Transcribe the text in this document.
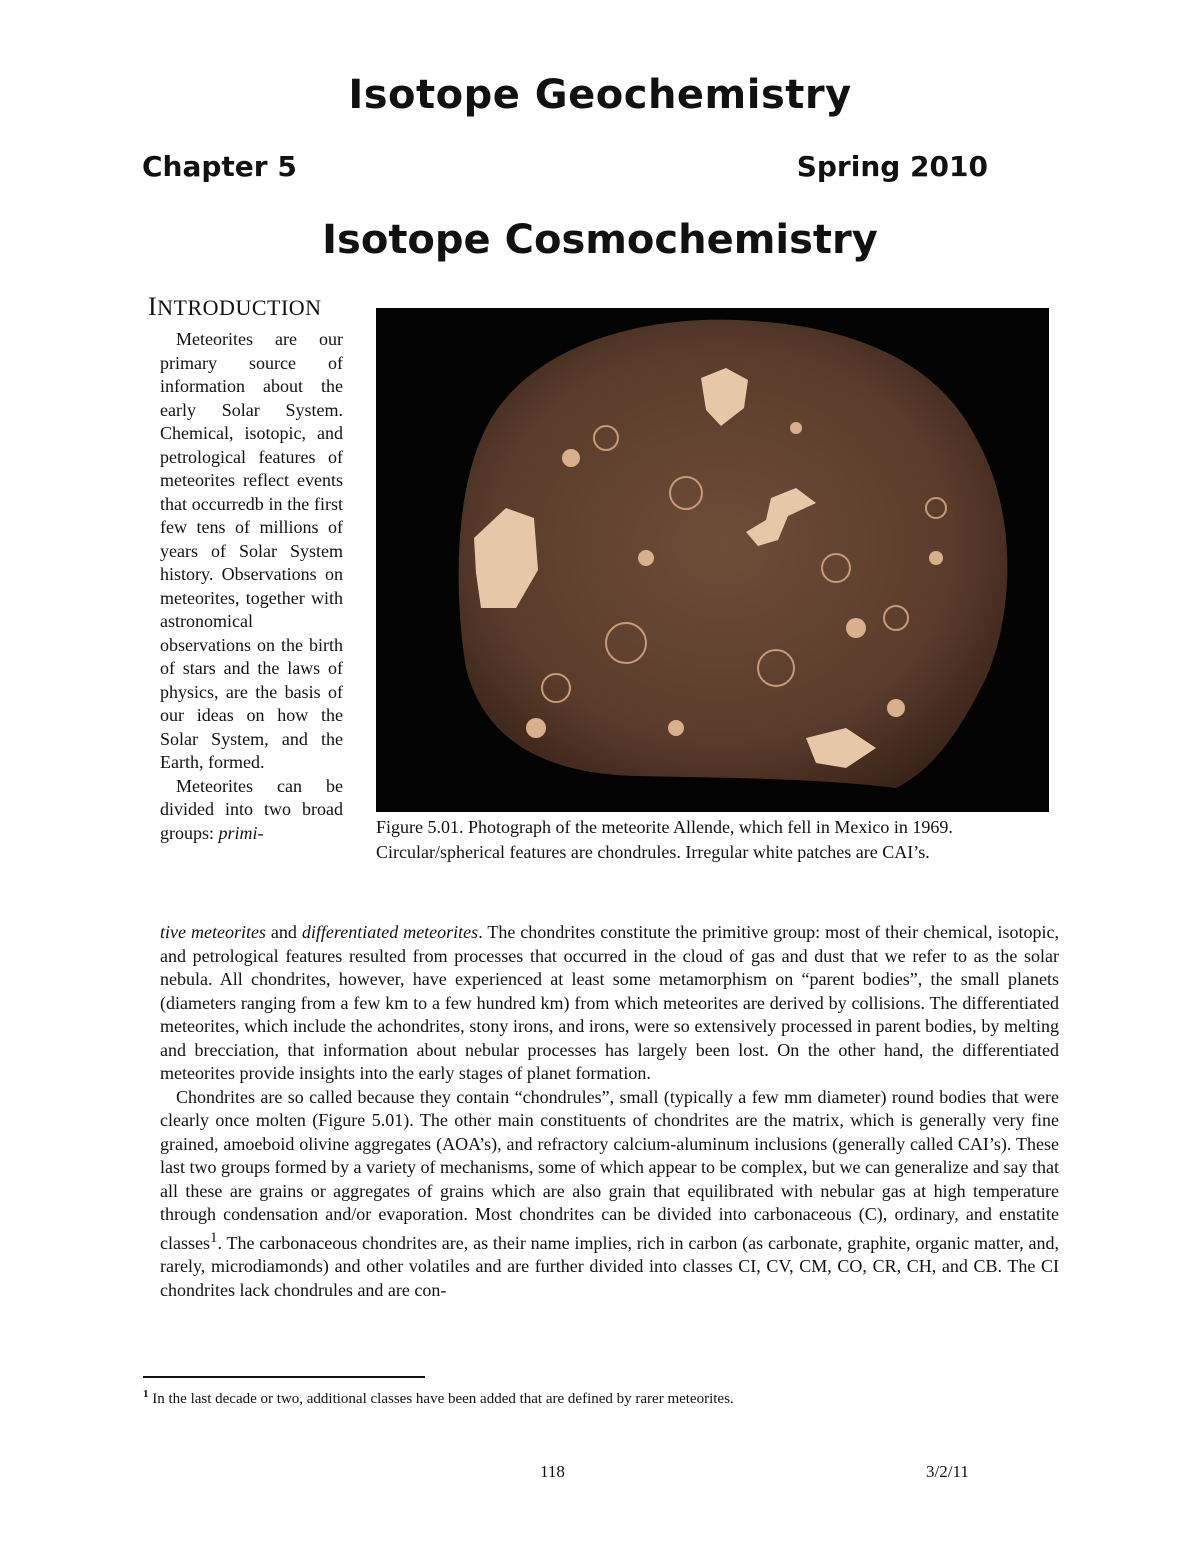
Isotope Geochemistry
Chapter 5	Spring 2010
Isotope Cosmochemistry
INTRODUCTION

Meteorites are our primary source of information about the early Solar System. Chemical, isotopic, and petrological features of meteorites reflect events that occurredb in the first few tens of millions of years of Solar System history. Observations on meteorites, together with astronomical observations on the birth of stars and the laws of physics, are the basis of our ideas on how the Solar System, and the Earth, formed.

Meteorites can be divided into two broad groups: primi-	Figure 5.01. Photograph of the meteorite Allende, which fell in Mexico in 1969. Circular/spherical features are chondrules. Irregular white patches are CAI’s.

tive meteorites and differentiated meteorites. The chondrites constitute the primitive group: most of their chemical, isotopic, and petrological features resulted from processes that occurred in the cloud of gas and dust that we refer to as the solar nebula. All chondrites, however, have experienced at least some metamorphism on “parent bodies”, the small planets (diameters ranging from a few km to a few hundred km) from which meteorites are derived by collisions. The differentiated meteorites, which include the achondrites, stony irons, and irons, were so extensively processed in parent bodies, by melting and brecciation, that information about nebular processes has largely been lost. On the other hand, the differentiated meteorites provide insights into the early stages of planet formation.

Chondrites are so called because they contain “chondrules”, small (typically a few mm diameter) round bodies that were clearly once molten (Figure 5.01). The other main constituents of chondrites are the matrix, which is generally very fine grained, amoeboid olivine aggregates (AOA’s), and refractory calcium-aluminum inclusions (generally called CAI’s). These last two groups formed by a variety of mechanisms, some of which appear to be complex, but we can generalize and say that all these are grains or aggregates of grains which are also grain that equilibrated with nebular gas at high temperature through condensation and/or evaporation. Most chondrites can be divided into carbonaceous (C), ordinary, and enstatite classes$^1$. The carbonaceous chondrites are, as their name implies, rich in carbon (as carbonate, graphite, organic matter, and, rarely, microdiamonds) and other volatiles and are further divided into classes CI, CV, CM, CO, CR, CH, and CB. The CI chondrites lack chondrules and are con-

$^1$ In the last decade or two, additional classes have been added that are defined by rarer meteorites.
118	3/2/11
